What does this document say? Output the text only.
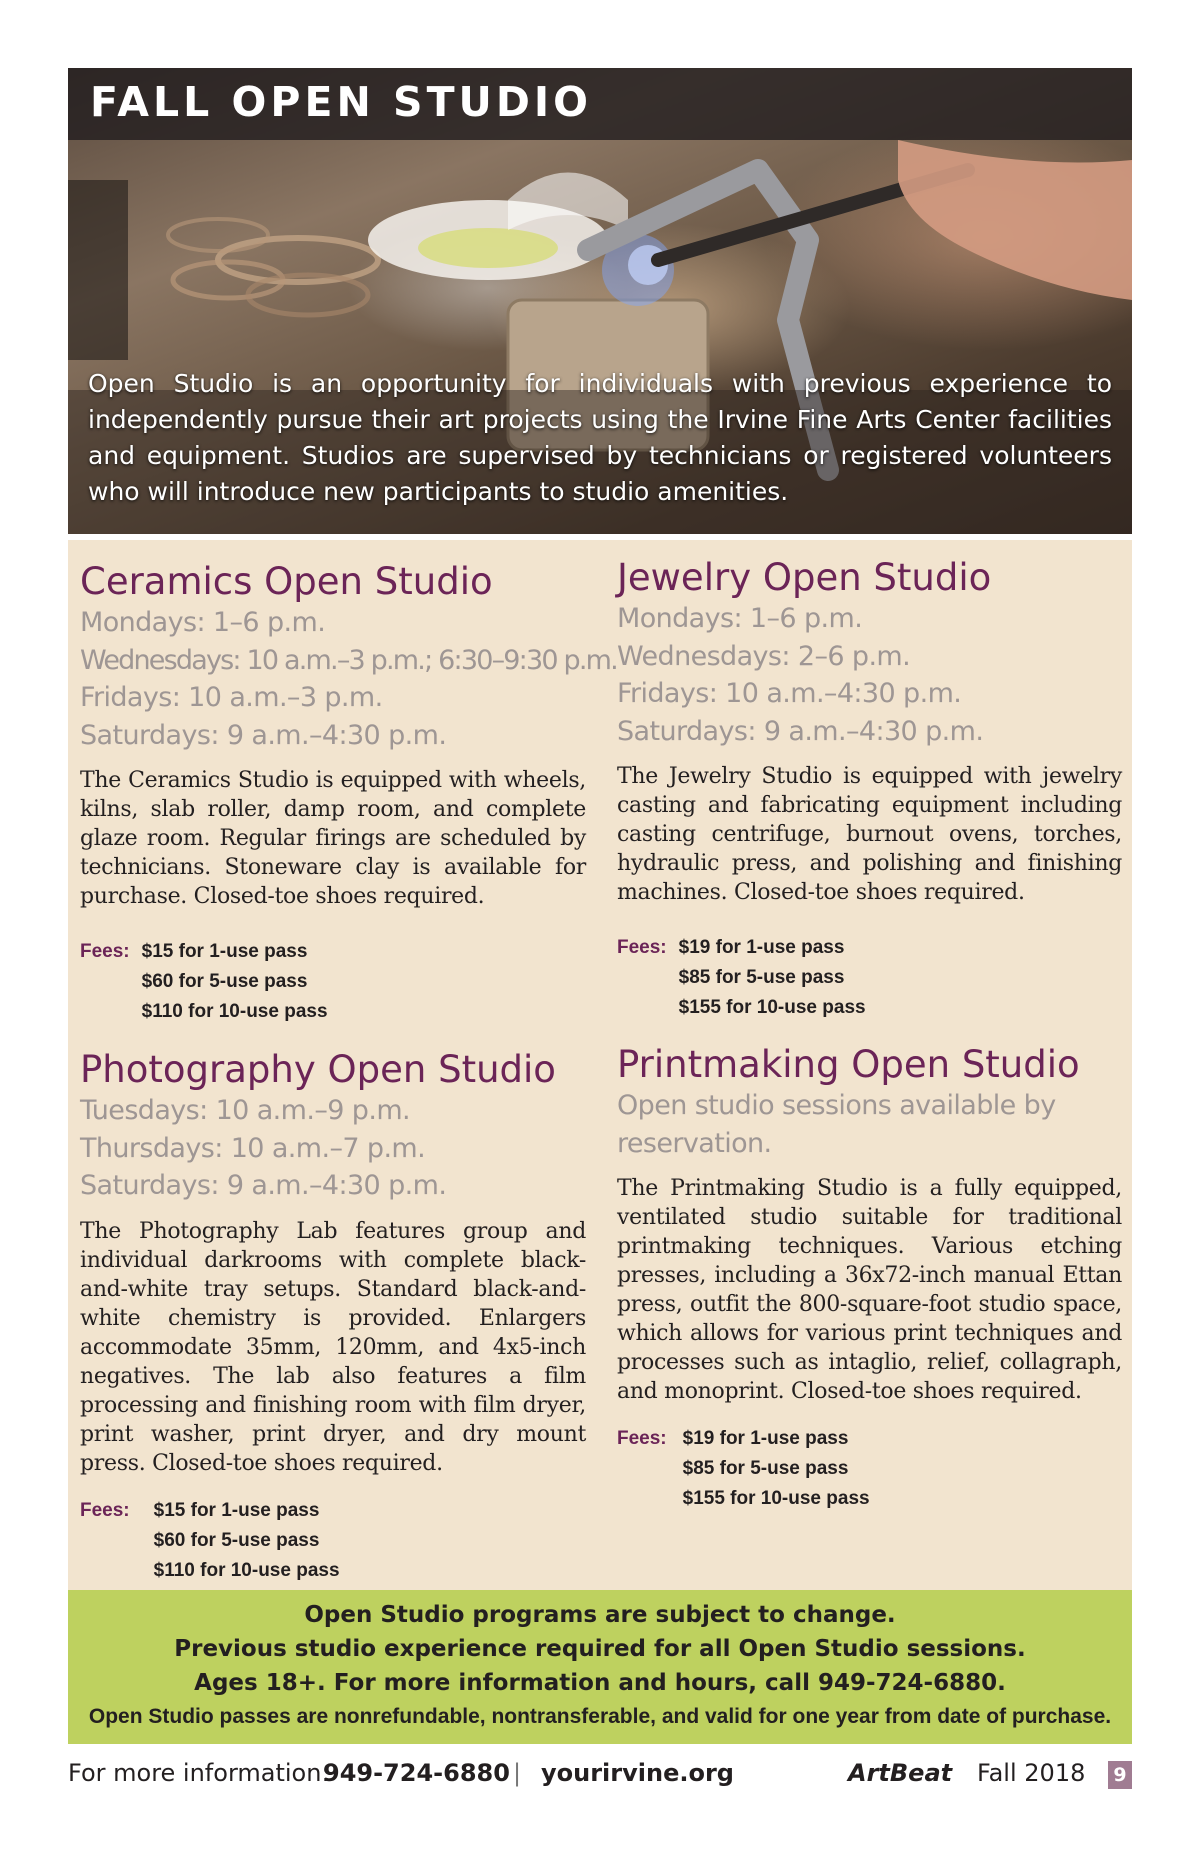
FALL OPEN STUDIO
Open Studio is an opportunity for individuals with previous experience to independently pursue their art projects using the Irvine Fine Arts Center facilities and equipment. Studios are supervised by technicians or registered volunteers who will introduce new participants to studio amenities.
Ceramics Open Studio
Mondays: 1–6 p.m.
Wednesdays: 10 a.m.–3 p.m.; 6:30–9:30 p.m.
Fridays: 10 a.m.–3 p.m.
Saturdays: 9 a.m.–4:30 p.m.

The Ceramics Studio is equipped with wheels, kilns, slab roller, damp room, and complete glaze room. Regular firings are scheduled by technicians. Stoneware clay is available for purchase. Closed-toe shoes required.

Fees: $15 for 1-use pass
$60 for 5-use pass
$110 for 10-use pass
Jewelry Open Studio
Mondays: 1–6 p.m.
Wednesdays: 2–6 p.m.
Fridays: 10 a.m.–4:30 p.m.
Saturdays: 9 a.m.–4:30 p.m.

The Jewelry Studio is equipped with jewelry casting and fabricating equipment including casting centrifuge, burnout ovens, torches, hydraulic press, and polishing and finishing machines. Closed-toe shoes required.

Fees: $19 for 1-use pass
$85 for 5-use pass
$155 for 10-use pass
Photography Open Studio
Tuesdays: 10 a.m.–9 p.m.
Thursdays: 10 a.m.–7 p.m.
Saturdays: 9 a.m.–4:30 p.m.

The Photography Lab features group and individual darkrooms with complete black-and-white tray setups. Standard black-and-white chemistry is provided. Enlargers accommodate 35mm, 120mm, and 4x5-inch negatives. The lab also features a film processing and finishing room with film dryer, print washer, print dryer, and dry mount press. Closed-toe shoes required.

Fees: $15 for 1-use pass
$60 for 5-use pass
$110 for 10-use pass
Printmaking Open Studio
Open studio sessions available by
reservation.

The Printmaking Studio is a fully equipped, ventilated studio suitable for traditional printmaking techniques. Various etching presses, including a 36x72-inch manual Ettan press, outfit the 800-square-foot studio space, which allows for various print techniques and processes such as intaglio, relief, collagraph, and monoprint. Closed-toe shoes required.

Fees: $19 for 1-use pass
$85 for 5-use pass
$155 for 10-use pass
Open Studio programs are subject to change.
Previous studio experience required for all Open Studio sessions.
Ages 18+. For more information and hours, call 949-724-6880.
Open Studio passes are nonrefundable, nontransferable, and valid for one year from date of purchase.
For more information:
949-724-6880 | yourirvine.org	ArtBeat Fall 2018 9
